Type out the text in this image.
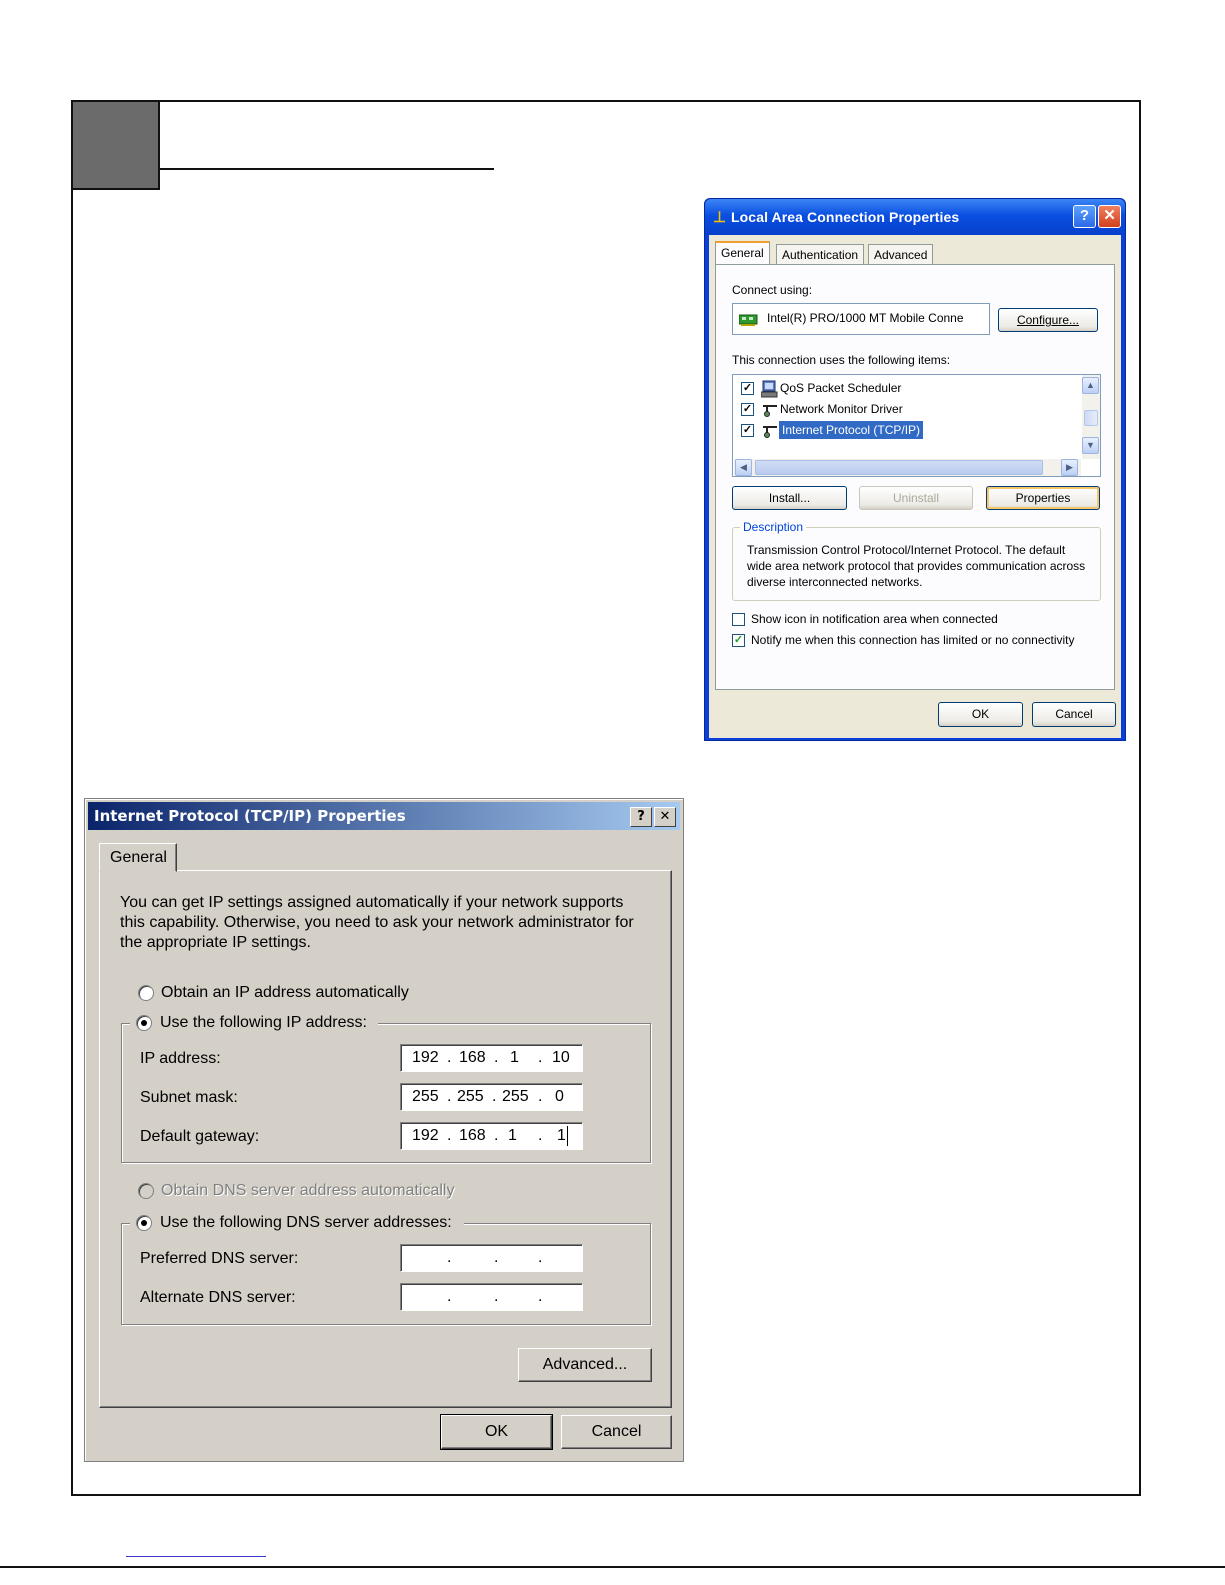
⊥ Local Area Connection Properties	? ✕
General	Authentication	Advanced
Connect using:
Intel(R) PRO/1000 MT Mobile Conne	Configure...
This connection uses the following items:
✓ QoS Packet Scheduler
✓ Network Monitor Driver
✓ Internet Protocol (TCP/IP)
▲
▼
◀	▶
Install...	Uninstall	Properties
Description
Transmission Control Protocol/Internet Protocol. The default wide area network protocol that provides communication across diverse interconnected networks.
Show icon in notification area when connected
✓ Notify me when this connection has limited or no connectivity
OK	Cancel
Internet Protocol (TCP/IP) Properties	?	✕
General
You can get IP settings assigned automatically if your network supports this capability. Otherwise, you need to ask your network administrator for the appropriate IP settings.
Obtain an IP address automatically
Use the following IP address:
IP address:	192 . 168 . 1 . 10
Subnet mask:	255 . 255 . 255 . 0
Default gateway:	192 . 168 . 1 . 1
Obtain DNS server address automatically
Use the following DNS server addresses:
Preferred DNS server:	.	. .
Alternate DNS server:	.	. .
Advanced...
OK	Cancel
